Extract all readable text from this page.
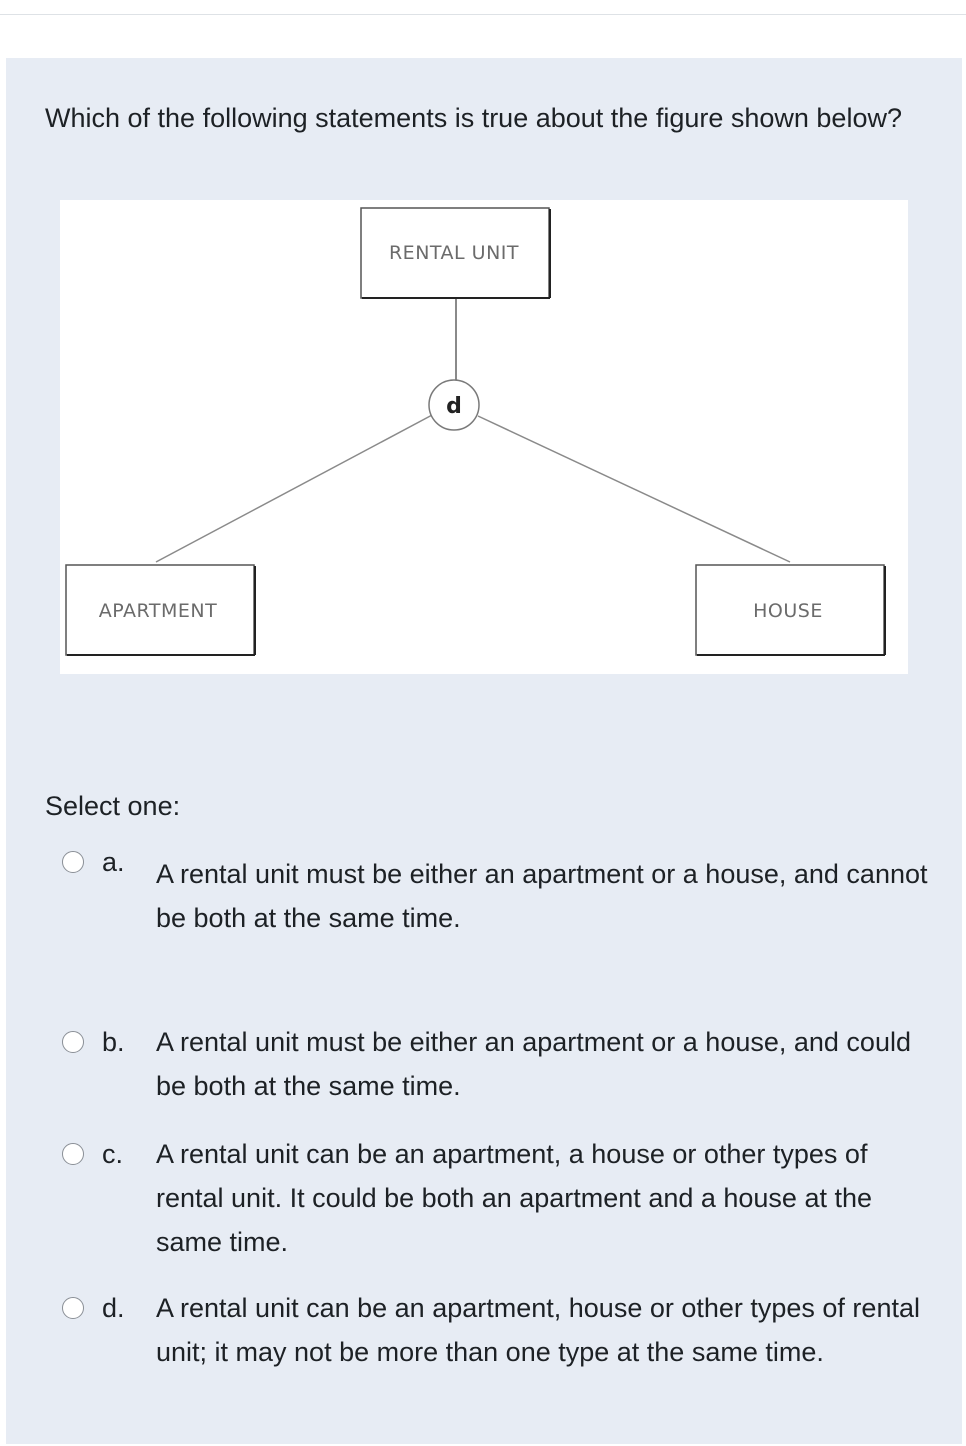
Which of the following statements is true about the figure shown below?

RENTAL UNIT
d
APARTMENT	HOUSE
Select one:
a. A rental unit must be either an apartment or a house, and cannot be both at the same time.

b. A rental unit must be either an apartment or a house, and could be both at the same time.

c. A rental unit can be an apartment, a house or other types of rental unit. It could be both an apartment and a house at the same time.

d. A rental unit can be an apartment, house or other types of rental unit; it may not be more than one type at the same time.
